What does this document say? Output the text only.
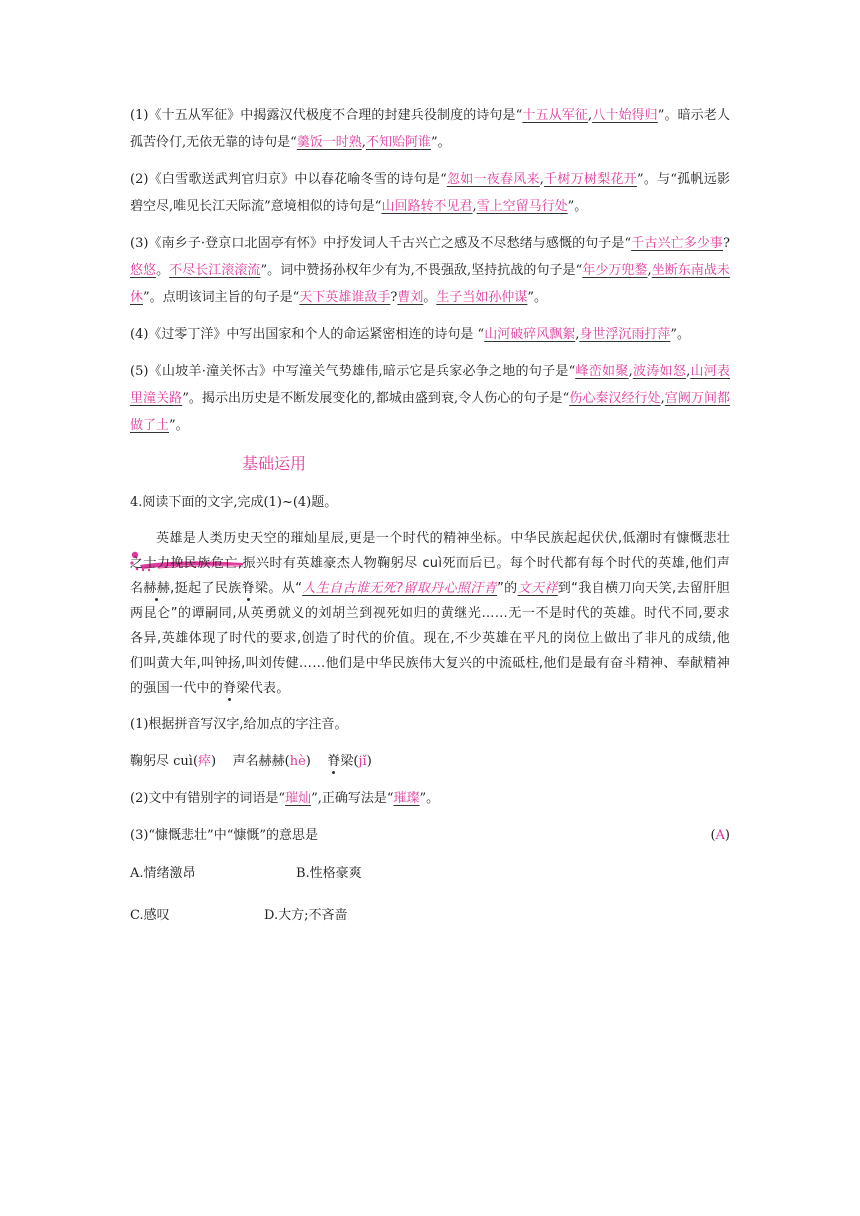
(1)《十五从军征》中揭露汉代极度不合理的封建兵役制度的诗句是“十五从军征,八十始得归”。暗示老人孤苦伶仃,无依无靠的诗句是“羹饭一时熟,不知贻阿谁”。

(2)《白雪歌送武判官归京》中以春花喻冬雪的诗句是“忽如一夜春风来,千树万树梨花开”。与“孤帆远影碧空尽,唯见长江天际流”意境相似的诗句是“山回路转不见君,雪上空留马行处”。

(3)《南乡子·登京口北固亭有怀》中抒发词人千古兴亡之感及不尽愁绪与感慨的句子是“千古兴亡多少事?悠悠。不尽长江滚滚流”。词中赞扬孙权年少有为,不畏强敌,坚持抗战的句子是“年少万兜鍪,坐断东南战未休”。点明该词主旨的句子是“天下英雄谁敌手?曹刘。生子当如孙仲谋”。

(4)《过零丁洋》中写出国家和个人的命运紧密相连的诗句是 “山河破碎风飘絮,身世浮沉雨打萍”。

(5)《山坡羊·潼关怀古》中写潼关气势雄伟,暗示它是兵家必争之地的句子是“峰峦如聚,波涛如怒,山河表里潼关路”。揭示出历史是不断发展变化的,都城由盛到衰,令人伤心的句子是“伤心秦汉经行处,宫阙万间都做了土”。

基础运用

4.阅读下面的文字,完成(1)~(4)题。

英雄是人类历史天空的璀灿星辰,更是一个时代的精神坐标。中华民族起起伏伏,低潮时有慷慨悲壮之士力挽民族危亡,振兴时有英雄豪杰人物鞠躬尽 cuì死而后已。每个时代都有每个时代的英雄,他们声名赫赫,挺起了民族脊梁。从“人生自古谁无死?留取丹心照汗青”的文天祥到“我自横刀向天笑,去留肝胆两昆仑”的谭嗣同,从英勇就义的刘胡兰到视死如归的黄继光……无一不是时代的英雄。时代不同,要求各异,英雄体现了时代的要求,创造了时代的价值。现在,不少英雄在平凡的岗位上做出了非凡的成绩,他们叫黄大年,叫钟扬,叫刘传健……他们是中华民族伟大复兴的中流砥柱,他们是最有奋斗精神、奉献精神的强国一代中的脊梁代表。

(1)根据拼音写汉字,给加点的字注音。

鞠躬尽 cuì(瘁) 声名赫赫(hè) 脊梁(jǐ)

(2)文中有错别字的词语是“璀灿”,正确写法是“璀璨”。

(3)“慷慨悲壮”中“慷慨”的意思是	(A)

A.情绪激昂	B.性格豪爽
C.感叹	D.大方;不吝啬
